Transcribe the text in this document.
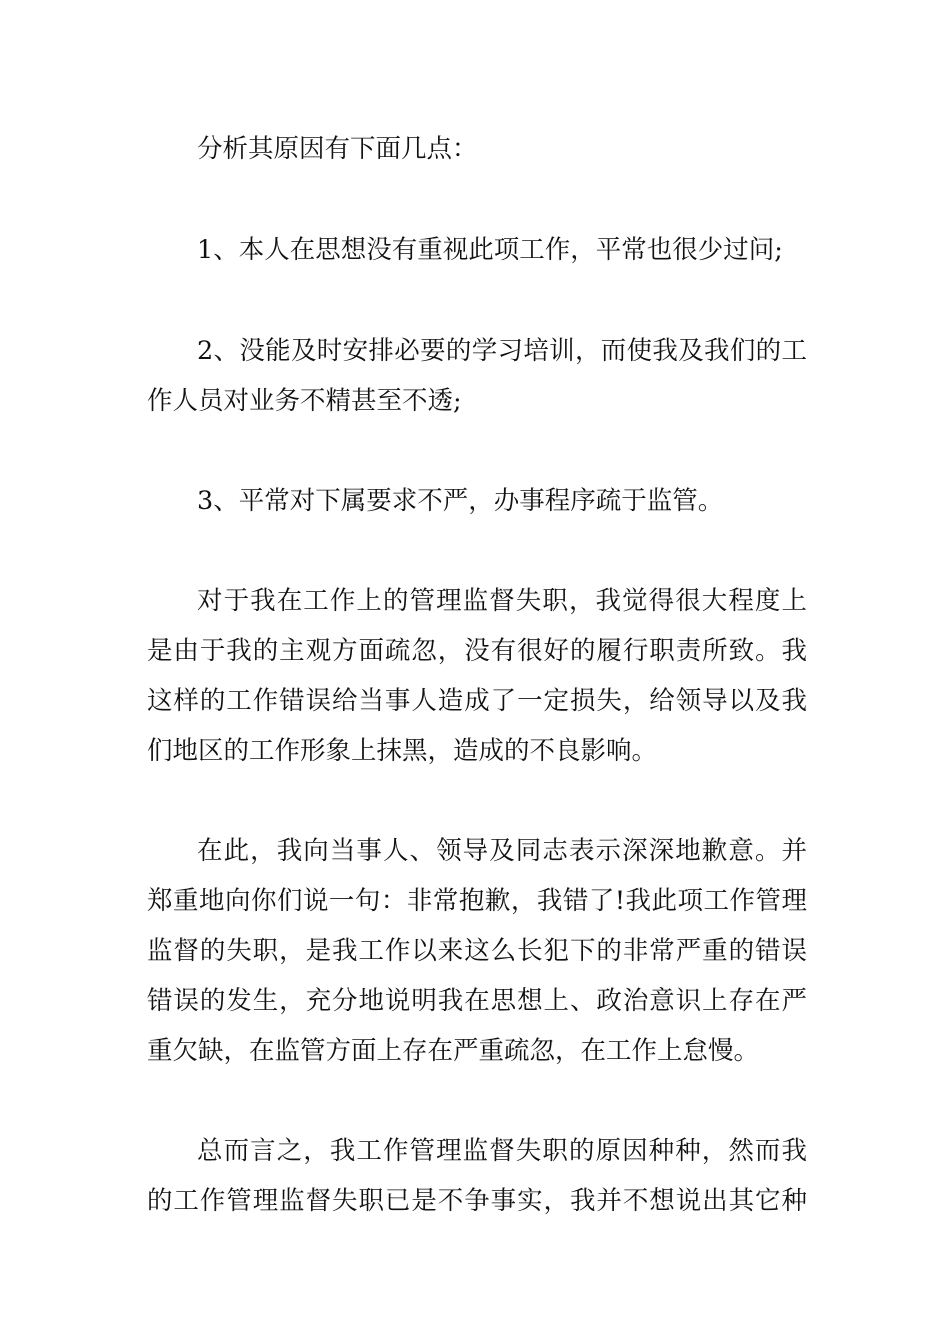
分析其原因有下面几点：

1、本人在思想没有重视此项工作，平常也很少过问;

2、没能及时安排必要的学习培训，而使我及我们的工

作人员对业务不精甚至不透;

3、平常对下属要求不严，办事程序疏于监管。

对于我在工作上的管理监督失职，我觉得很大程度上

是由于我的主观方面疏忽，没有很好的履行职责所致。我

这样的工作错误给当事人造成了一定损失，给领导以及我

们地区的工作形象上抹黑，造成的不良影响。

在此，我向当事人、领导及同志表示深深地歉意。并

郑重地向你们说一句：非常抱歉，我错了!我此项工作管理

监督的失职，是我工作以来这么长犯下的非常严重的错误

错误的发生，充分地说明我在思想上、政治意识上存在严

重欠缺，在监管方面上存在严重疏忽，在工作上怠慢。

总而言之，我工作管理监督失职的原因种种，然而我

的工作管理监督失职已是不争事实，我并不想说出其它种
